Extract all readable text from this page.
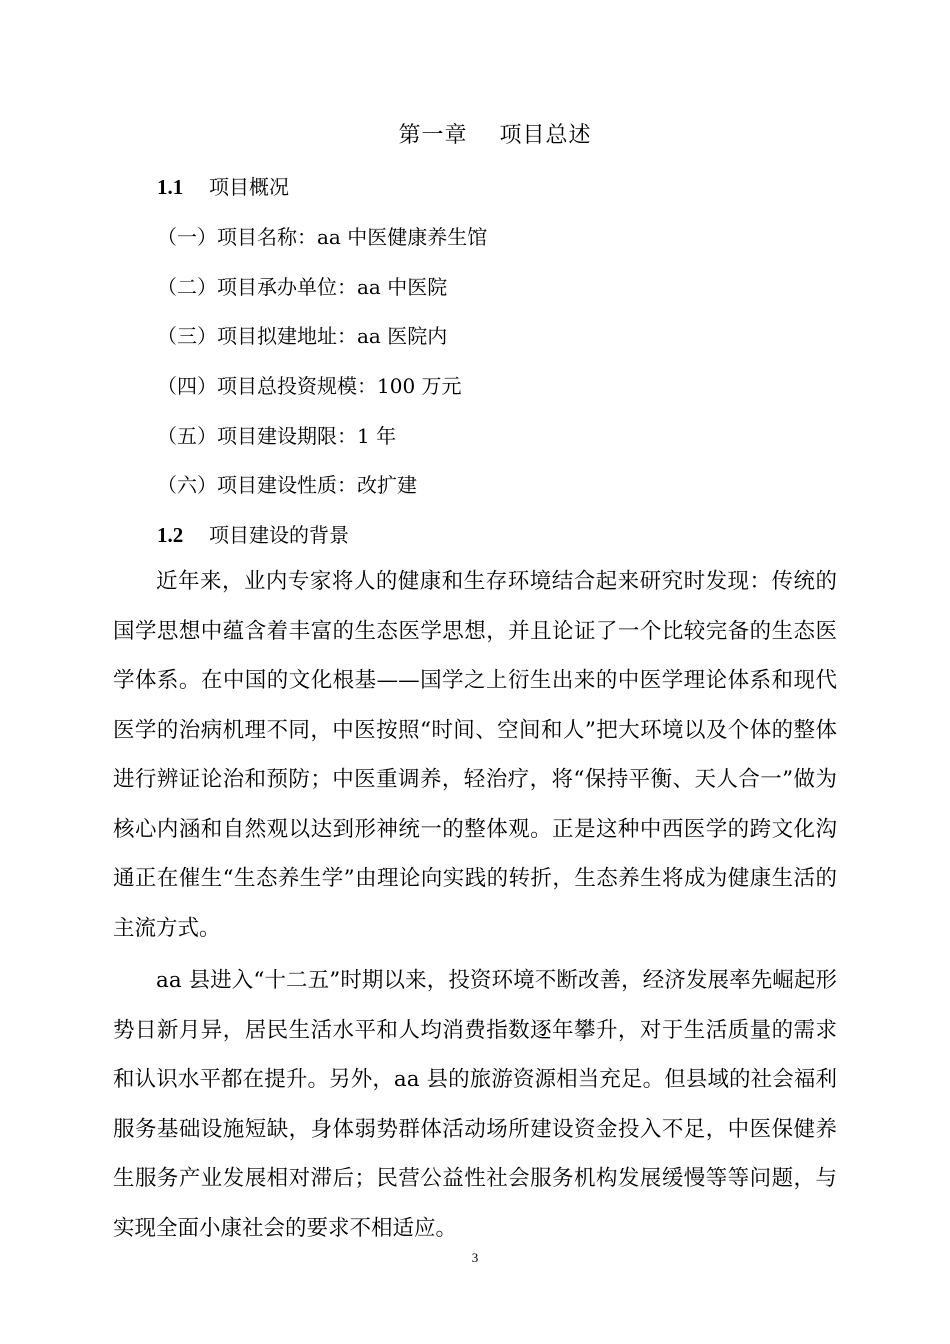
第一章    项目总述
1.1 项目概况
（一）项目名称：aa 中医健康养生馆
（二）项目承办单位：aa 中医院
（三）项目拟建地址：aa 医院内
（四）项目总投资规模：100 万元
（五）项目建设期限：1 年
（六）项目建设性质：改扩建
1.2 项目建设的背景

近年来，业内专家将人的健康和生存环境结合起来研究时发现：传统的国学思想中蕴含着丰富的生态医学思想，并且论证了一个比较完备的生态医学体系。在中国的文化根基——国学之上衍生出来的中医学理论体系和现代医学的治病机理不同，中医按照“时间、空间和人”把大环境以及个体的整体进行辨证论治和预防；中医重调养，轻治疗，将“保持平衡、天人合一”做为核心内涵和自然观以达到形神统一的整体观。正是这种中西医学的跨文化沟通正在催生“生态养生学”由理论向实践的转折，生态养生将成为健康生活的主流方式。

aa 县进入“十二五”时期以来，投资环境不断改善，经济发展率先崛起形势日新月异，居民生活水平和人均消费指数逐年攀升，对于生活质量的需求和认识水平都在提升。另外，aa 县的旅游资源相当充足。但县域的社会福利服务基础设施短缺，身体弱势群体活动场所建设资金投入不足，中医保健养生服务产业发展相对滞后；民营公益性社会服务机构发展缓慢等等问题，与实现全面小康社会的要求不相适应。

3
